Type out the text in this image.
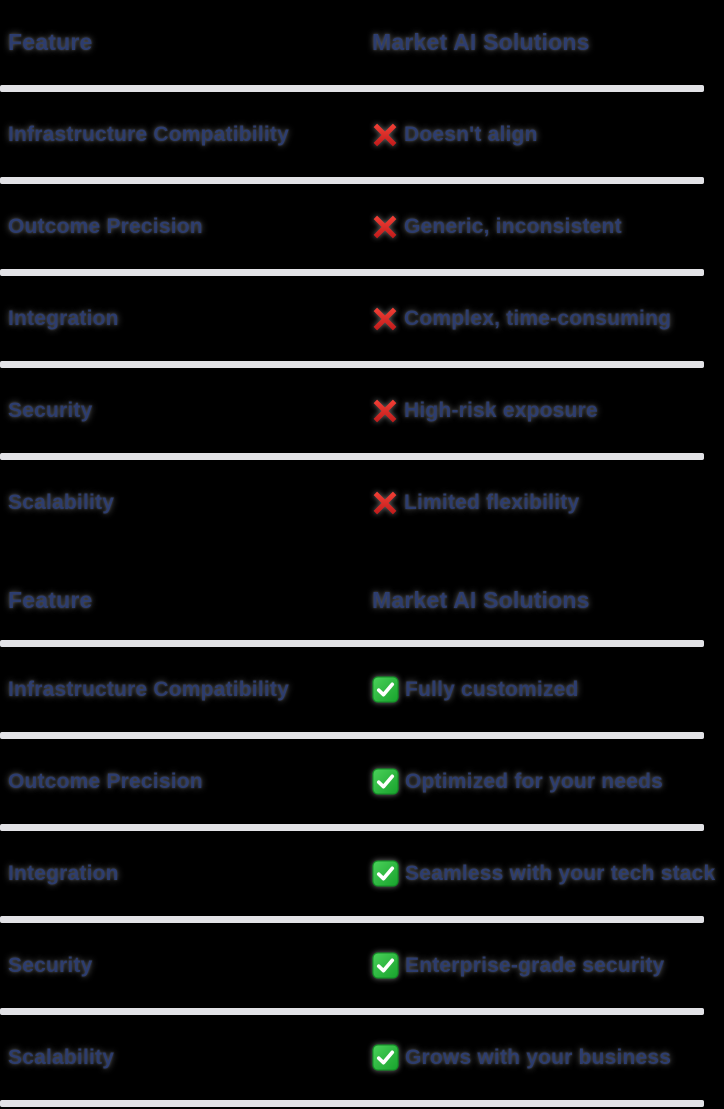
Feature	Market AI Solutions
Infrastructure Compatibility	Doesn't align
Outcome Precision	Generic, inconsistent
Integration	Complex, time-consuming
Security	High-risk exposure
Scalability	Limited flexibility
Feature	Market AI Solutions
Infrastructure Compatibility	Fully customized
Outcome Precision	Optimized for your needs
Integration	Seamless with your tech stack
Security	Enterprise-grade security
Scalability	Grows with your business
